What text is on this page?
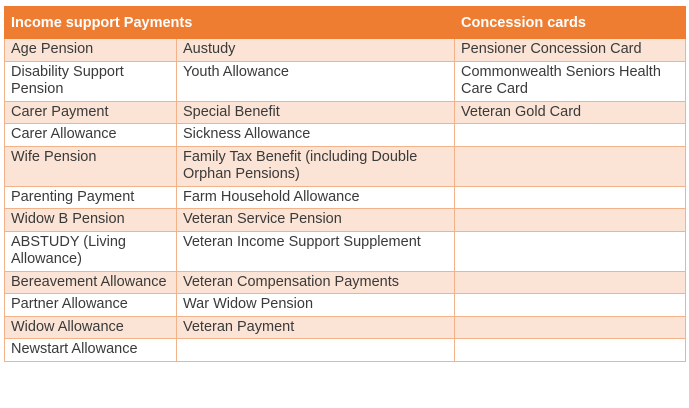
Income support Payments		Concession cards
Age Pension	Austudy	Pensioner Concession Card
Disability Support Pension	Youth Allowance	Commonwealth Seniors Health Care Card
Carer Payment	Special Benefit	Veteran Gold Card
Carer Allowance	Sickness Allowance	
Wife Pension	Family Tax Benefit (including Double Orphan Pensions)	
Parenting Payment	Farm Household Allowance	
Widow B Pension	Veteran Service Pension	
ABSTUDY (Living Allowance)	Veteran Income Support Supplement	
Bereavement Allowance	Veteran Compensation Payments	
Partner Allowance	War Widow Pension	
Widow Allowance	Veteran Payment	
Newstart Allowance		
